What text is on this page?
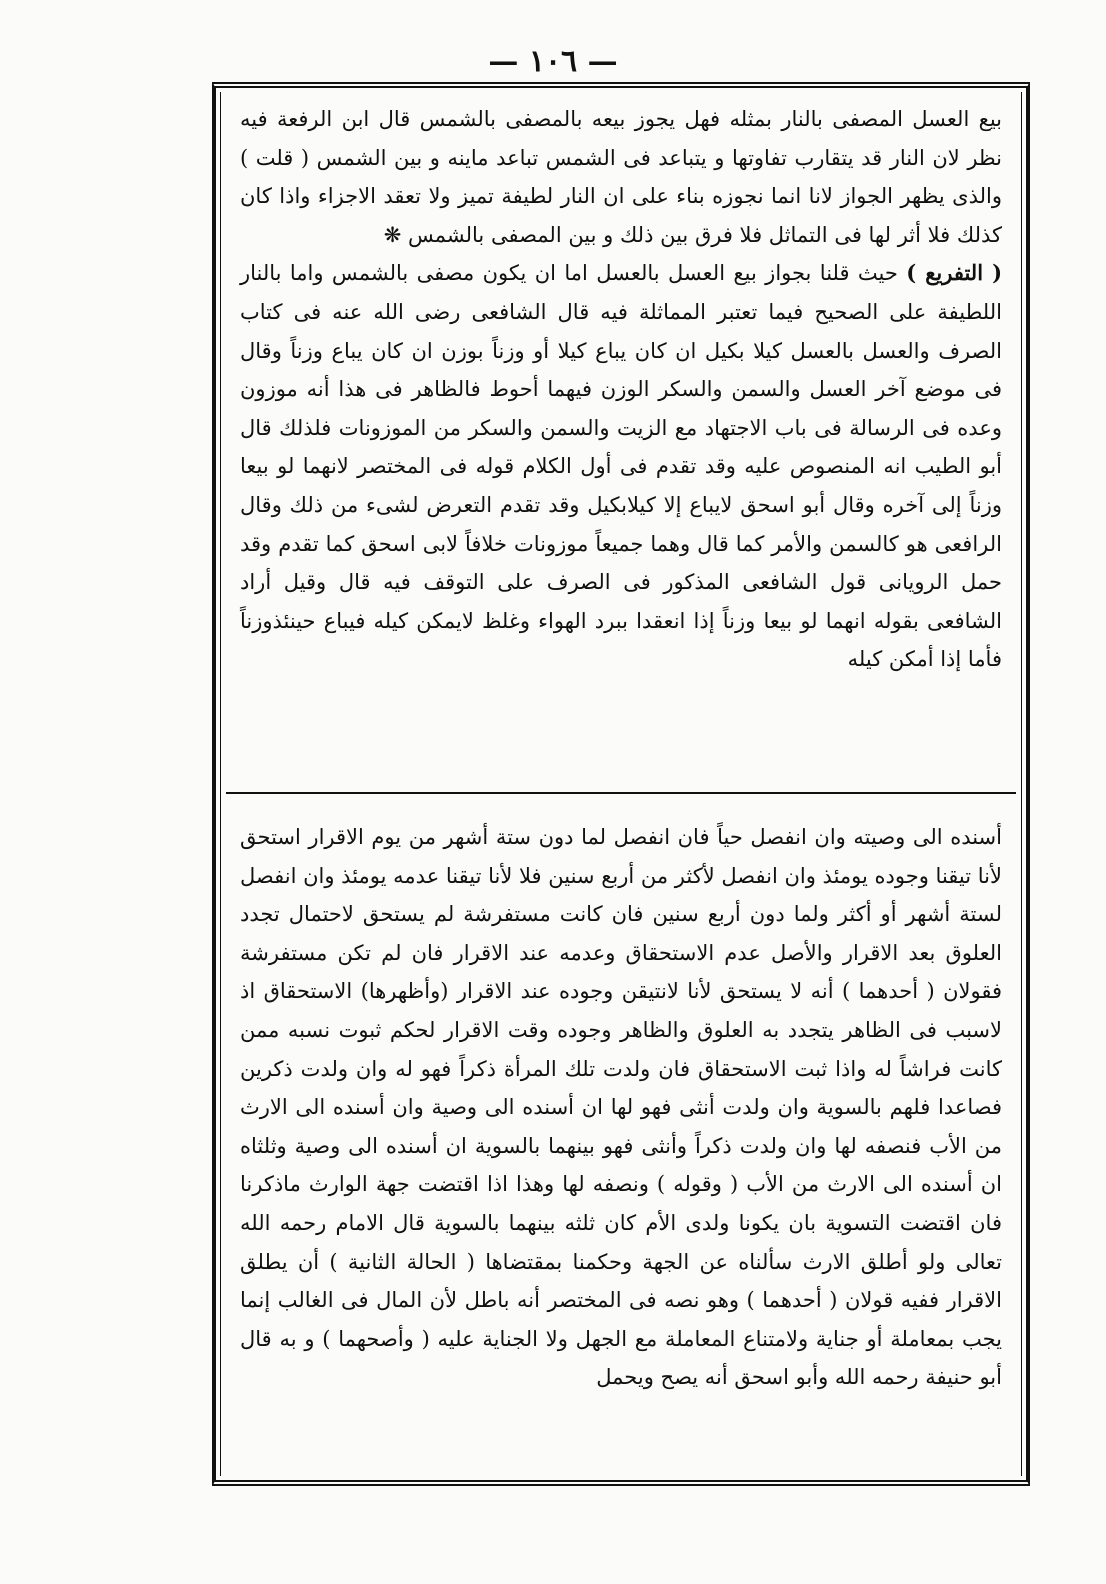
— ١٠٦ —

بيع العسل المصفى بالنار بمثله فهل يجوز بيعه بالمصفى بالشمس قال ابن الرفعة فيه نظر لان النار قد يتقارب تفاوتها و يتباعد فى الشمس تباعد ماينه و بين الشمس ( قلت ) والذى يظهر الجواز لانا انما نجوزه بناء على ان النار لطيفة تميز ولا تعقد الاجزاء واذا كان كذلك فلا أثر لها فى التماثل فلا فرق بين ذلك و بين المصفى بالشمس ❋

( التفريع ) حيث قلنا بجواز بيع العسل بالعسل اما ان يكون مصفى بالشمس واما بالنار اللطيفة على الصحيح فيما تعتبر المماثلة فيه قال الشافعى رضى الله عنه فى كتاب الصرف والعسل بالعسل كيلا بكيل ان كان يباع كيلا أو وزناً بوزن ان كان يباع وزناً وقال فى موضع آخر العسل والسمن والسكر الوزن فيهما أحوط فالظاهر فى هذا أنه موزون وعده فى الرسالة فى باب الاجتهاد مع الزيت والسمن والسكر من الموزونات فلذلك قال أبو الطيب انه المنصوص عليه وقد تقدم فى أول الكلام قوله فى المختصر لانهما لو بيعا وزناً إلى آخره وقال أبو اسحق لايباع إلا كيلابكيل وقد تقدم التعرض لشىء من ذلك وقال الرافعى هو كالسمن والأمر كما قال وهما جميعاً موزونات خلافاً لابى اسحق كما تقدم وقد حمل الرويانى قول الشافعى المذكور فى الصرف على التوقف فيه قال وقيل أراد الشافعى بقوله انهما لو بيعا وزناً إذا انعقدا ببرد الهواء وغلظ لايمكن كيله فيباع حينئذوزناً فأما إذا أمكن كيله

أسنده الى وصيته وان انفصل حياً فان انفصل لما دون ستة أشهر من يوم الاقرار استحق لأنا تيقنا وجوده يومئذ وان انفصل لأكثر من أربع سنين فلا لأنا تيقنا عدمه يومئذ وان انفصل لستة أشهر أو أكثر ولما دون أربع سنين فان كانت مستفرشة لم يستحق لاحتمال تجدد العلوق بعد الاقرار والأصل عدم الاستحقاق وعدمه عند الاقرار فان لم تكن مستفرشة فقولان ( أحدهما ) أنه لا يستحق لأنا لانتيقن وجوده عند الاقرار (وأظهرها) الاستحقاق اذ لاسبب فى الظاهر يتجدد به العلوق والظاهر وجوده وقت الاقرار لحكم ثبوت نسبه ممن كانت فراشاً له واذا ثبت الاستحقاق فان ولدت تلك المرأة ذكراً فهو له وان ولدت ذكرين فصاعدا فلهم بالسوية وان ولدت أنثى فهو لها ان أسنده الى وصية وان أسنده الى الارث من الأب فنصفه لها وان ولدت ذكراً وأنثى فهو بينهما بالسوية ان أسنده الى وصية وثلثاه ان أسنده الى الارث من الأب ( وقوله ) ونصفه لها وهذا اذا اقتضت جهة الوارث ماذكرنا فان اقتضت التسوية بان يكونا ولدى الأم كان ثلثه بينهما بالسوية قال الامام رحمه الله تعالى ولو أطلق الارث سألناه عن الجهة وحكمنا بمقتضاها ( الحالة الثانية ) أن يطلق الاقرار ففيه قولان ( أحدهما ) وهو نصه فى المختصر أنه باطل لأن المال فى الغالب إنما يجب بمعاملة أو جناية ولامتناع المعاملة مع الجهل ولا الجناية عليه ( وأصحهما ) و به قال أبو حنيفة رحمه الله وأبو اسحق أنه يصح ويحمل
